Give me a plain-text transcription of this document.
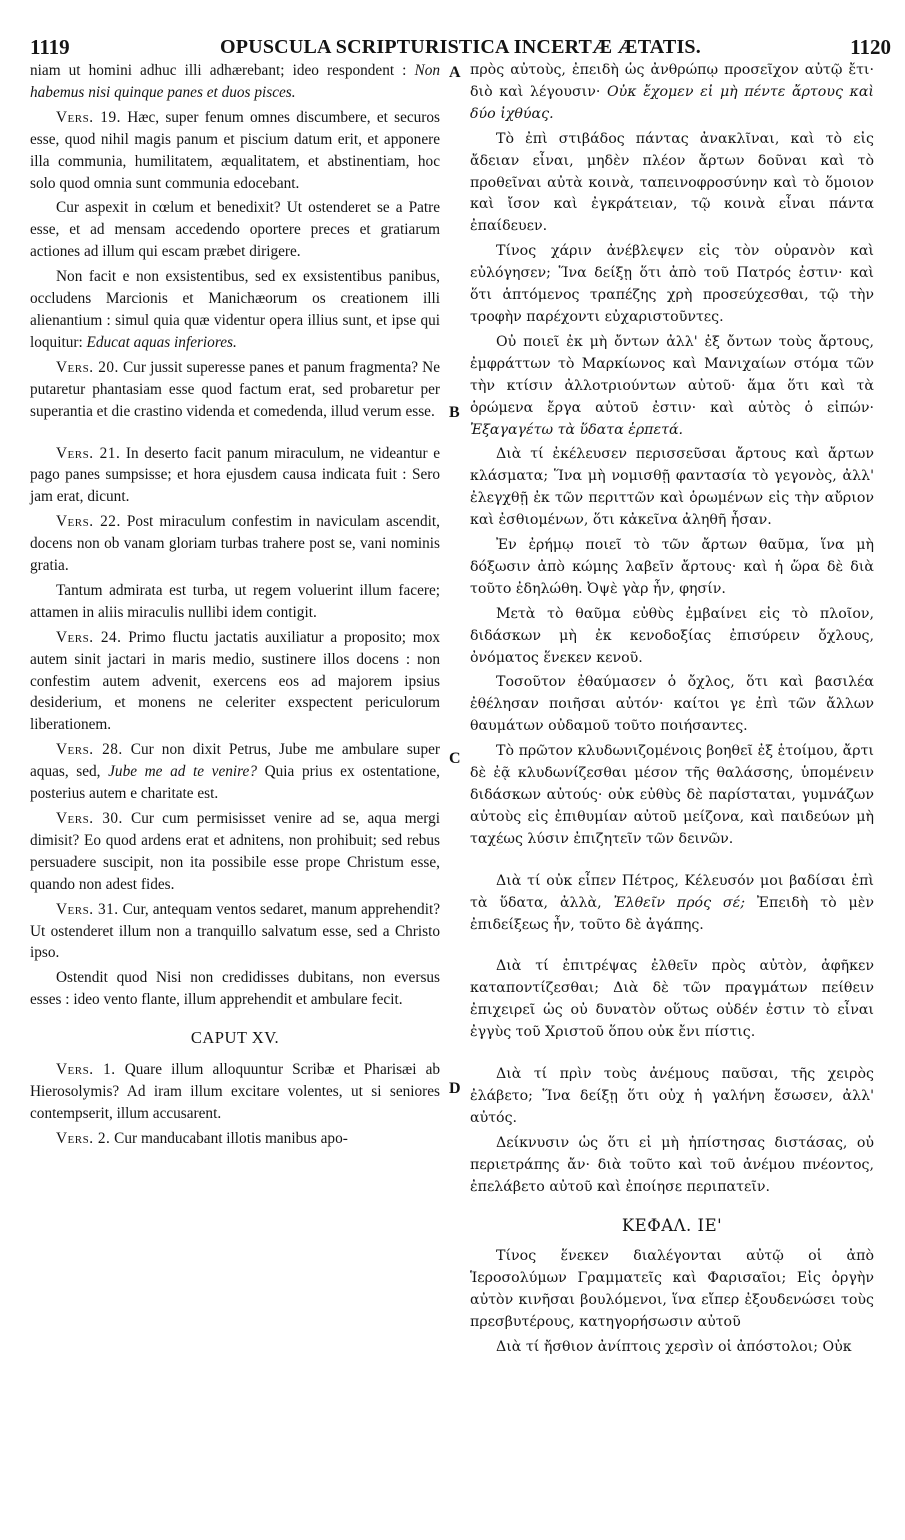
1119	OPUSCULA SCRIPTURISTICA INCERTÆ ÆTATIS.	1120
A
B
C
D

niam ut homini adhuc illi adhærebant; ideo respondent : Non habemus nisi quinque panes et duos pisces.

Vers. 19. Hæc, super fenum omnes discumbere, et securos esse, quod nihil magis panum et piscium datum erit, et apponere illa communia, humilitatem, æqualitatem, et abstinentiam, hoc solo quod omnia sunt communia edocebant.

Cur aspexit in cœlum et benedixit? Ut ostenderet se a Patre esse, et ad mensam accedendo oportere preces et gratiarum actiones ad illum qui escam præbet dirigere.

Non facit e non exsistentibus, sed ex exsistentibus panibus, occludens Marcionis et Manichæorum os creationem illi alienantium : simul quia quæ videntur opera illius sunt, et ipse qui loquitur: Educat aquas inferiores.

Vers. 20. Cur jussit superesse panes et panum fragmenta? Ne putaretur phantasiam esse quod factum erat, sed probaretur per superantia et die crastino videnda et comedenda, illud verum esse.

Vers. 21. In deserto facit panum miraculum, ne videantur e pago panes sumpsisse; et hora ejusdem causa indicata fuit : Sero jam erat, dicunt.

Vers. 22. Post miraculum confestim in naviculam ascendit, docens non ob vanam gloriam turbas trahere post se, vani nominis gratia.

Tantum admirata est turba, ut regem voluerint illum facere; attamen in aliis miraculis nullibi idem contigit.

Vers. 24. Primo fluctu jactatis auxiliatur a proposito; mox autem sinit jactari in maris medio, sustinere illos docens : non confestim autem advenit, exercens eos ad majorem ipsius desiderium, et monens ne celeriter exspectent periculorum liberationem.

Vers. 28. Cur non dixit Petrus, Jube me ambulare super aquas, sed, Jube me ad te venire? Quia prius ex ostentatione, posterius autem e charitate est.

Vers. 30. Cur cum permisisset venire ad se, aqua mergi dimisit? Eo quod ardens erat et adnitens, non prohibuit; sed rebus persuadere suscipit, non ita possibile esse prope Christum esse, quando non adest fides.

Vers. 31. Cur, antequam ventos sedaret, manum apprehendit? Ut ostenderet illum non a tranquillo salvatum esse, sed a Christo ipso.

Ostendit quod Nisi non credidisses dubitans, non eversus esses : ideo vento flante, illum apprehendit et ambulare fecit.

CAPUT XV.

Vers. 1. Quare illum alloquuntur Scribæ et Pharisæi ab Hierosolymis? Ad iram illum excitare volentes, ut si seniores contempserit, illum accusarent.

Vers. 2. Cur manducabant illotis manibus apo-

πρὸς αὐτοὺς, ἐπειδὴ ὡς ἀνθρώπῳ προσεῖχον αὐτῷ ἔτι· διὸ καὶ λέγουσιν· Οὐκ ἔχομεν εἰ μὴ πέντε ἄρτους καὶ δύο ἰχθύας.

Τὸ ἐπὶ στιβάδος πάντας ἀνακλῖναι, καὶ τὸ εἰς ἄδειαν εἶναι, μηδὲν πλέον ἄρτων δοῦναι καὶ τὸ προθεῖναι αὐτὰ κοινὰ, ταπεινοφροσύνην καὶ τὸ ὅμοιον καὶ ἴσον καὶ ἐγκράτειαν, τῷ κοινὰ εἶναι πάντα ἐπαίδευεν.

Τίνος χάριν ἀνέβλεψεν εἰς τὸν οὐρανὸν καὶ εὐλόγησεν; Ἵνα δείξῃ ὅτι ἀπὸ τοῦ Πατρός ἐστιν· καὶ ὅτι ἁπτόμενος τραπέζης χρὴ προσεύχεσθαι, τῷ τὴν τροφὴν παρέχοντι εὐχαριστοῦντες.

Οὐ ποιεῖ ἐκ μὴ ὄντων ἀλλ' ἐξ ὄντων τοὺς ἄρτους, ἐμφράττων τὸ Μαρκίωνος καὶ Μανιχαίων στόμα τῶν τὴν κτίσιν ἀλλοτριούντων αὐτοῦ· ἅμα ὅτι καὶ τὰ ὁρώμενα ἔργα αὐτοῦ ἐστιν· καὶ αὐτὸς ὁ εἰπών· Ἐξαγαγέτω τὰ ὕδατα ἑρπετά.

Διὰ τί ἐκέλευσεν περισσεῦσαι ἄρτους καὶ ἄρτων κλάσματα; Ἵνα μὴ νομισθῇ φαντασία τὸ γεγονὸς, ἀλλ' ἐλεγχθῇ ἐκ τῶν περιττῶν καὶ ὁρωμένων εἰς τὴν αὔριον καὶ ἐσθιομένων, ὅτι κἀκεῖνα ἀληθῆ ἦσαν.

Ἐν ἐρήμῳ ποιεῖ τὸ τῶν ἄρτων θαῦμα, ἵνα μὴ δόξωσιν ἀπὸ κώμης λαβεῖν ἄρτους· καὶ ἡ ὥρα δὲ διὰ τοῦτο ἐδηλώθη. Ὀψὲ γὰρ ἦν, φησίν.

Μετὰ τὸ θαῦμα εὐθὺς ἐμβαίνει εἰς τὸ πλοῖον, διδάσκων μὴ ἐκ κενοδοξίας ἐπισύρειν ὄχλους, ὀνόματος ἕνεκεν κενοῦ.

Τοσοῦτον ἐθαύμασεν ὁ ὄχλος, ὅτι καὶ βασιλέα ἐθέλησαν ποιῆσαι αὐτόν· καίτοι γε ἐπὶ τῶν ἄλλων θαυμάτων οὐδαμοῦ τοῦτο ποιήσαντες.

Τὸ πρῶτον κλυδωνιζομένοις βοηθεῖ ἐξ ἑτοίμου, ἄρτι δὲ ἐᾷ κλυδωνίζεσθαι μέσον τῆς θαλάσσης, ὑπομένειν διδάσκων αὐτούς· οὐκ εὐθὺς δὲ παρίσταται, γυμνάζων αὐτοὺς εἰς ἐπιθυμίαν αὐτοῦ μείζονα, καὶ παιδεύων μὴ ταχέως λύσιν ἐπιζητεῖν τῶν δεινῶν.

Διὰ τί οὐκ εἶπεν Πέτρος, Κέλευσόν μοι βαδίσαι ἐπὶ τὰ ὕδατα, ἀλλὰ, Ἐλθεῖν πρός σέ; Ἐπειδὴ τὸ μὲν ἐπιδείξεως ἦν, τοῦτο δὲ ἀγάπης.

Διὰ τί ἐπιτρέψας ἐλθεῖν πρὸς αὐτὸν, ἀφῆκεν καταποντίζεσθαι; Διὰ δὲ τῶν πραγμάτων πείθειν ἐπιχειρεῖ ὡς οὐ δυνατὸν οὕτως οὐδέν ἐστιν τὸ εἶναι ἐγγὺς τοῦ Χριστοῦ ὅπου οὐκ ἔνι πίστις.

Διὰ τί πρὶν τοὺς ἀνέμους παῦσαι, τῆς χειρὸς ἐλάβετο; Ἵνα δείξῃ ὅτι οὐχ ἡ γαλήνη ἔσωσεν, ἀλλ' αὐτός.

Δείκνυσιν ὡς ὅτι εἰ μὴ ἠπίστησας διστάσας, οὐ περιετράπης ἄν· διὰ τοῦτο καὶ τοῦ ἀνέμου πνέοντος, ἐπελάβετο αὐτοῦ καὶ ἐποίησε περιπατεῖν.

ΚΕΦΑΛ. ΙΕ'

Τίνος ἕνεκεν διαλέγονται αὐτῷ οἱ ἀπὸ Ἱεροσολύμων Γραμματεῖς καὶ Φαρισαῖοι; Εἰς ὀργὴν αὐτὸν κινῆσαι βουλόμενοι, ἵνα εἴπερ ἐξουδενώσει τοὺς πρεσβυτέρους, κατηγορήσωσιν αὐτοῦ

Διὰ τί ἤσθιον ἀνίπτοις χερσὶν οἱ ἀπόστολοι; Οὐκ
